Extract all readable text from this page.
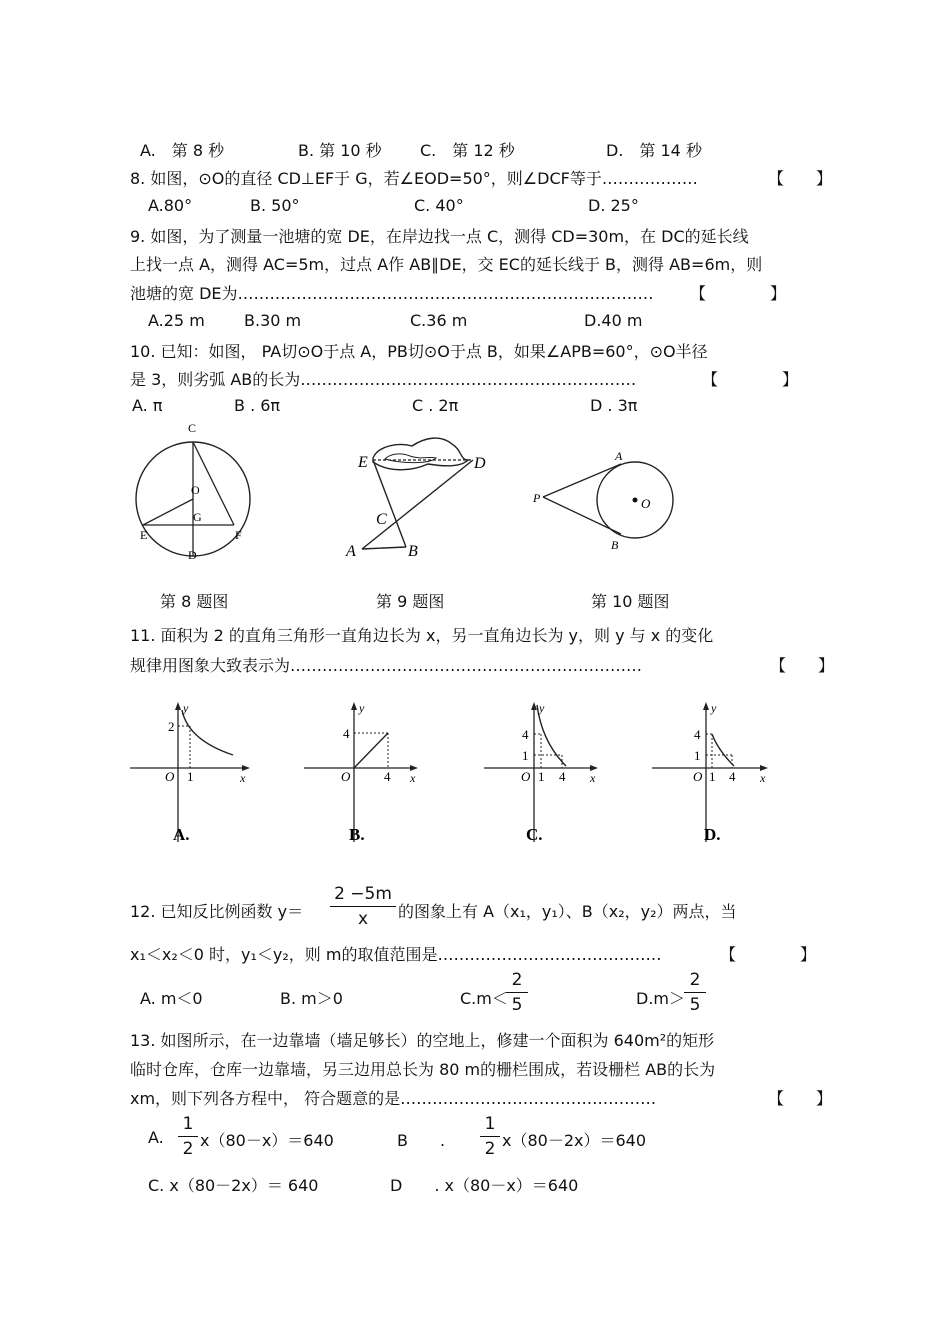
A.　第 8 秒	B. 第 10 秒 C.　第 12 秒	D.　第 14 秒
8. 如图，⊙O的直径 CD⊥EF于 G，若∠EOD=50°，则∠DCF等于………………	【　　】
A.80°	B. 50°	C. 40°	D. 25°
9. 如图，为了测量一池塘的宽 DE，在岸边找一点 C，测得 CD=30m，在 DC的延长线
上找一点 A，测得 AC=5m，过点 A作 AB∥DE，交 EC的延长线于 B，测得 AB=6m，则
池塘的宽 DE为…………………………………………………………………… 【　　　　】
A.25 m B.30 m	C.36 m	D.40 m
10. 已知：如图， PA切⊙O于点 A，PB切⊙O于点 B，如果∠APB=60°，⊙O半径
是 3，则劣弧 AB的长为………………………………………………………	【　　　　】
A. π	B . 6π	C . 2π	D . 3π
C
O
G
E	F
D
E	D
C
A	B
A
P	O
B
第 8 题图	第 9 题图	第 10 题图
11. 面积为 2 的直角三角形一直角边长为 x，另一直角边长为 y，则 y 与 x 的变化
规律用图象大致表示为…………………………………………………………	【　　】
y
x
O
2
1
A.
y
x
O
4
4
B.
y
x
O
4
1
1 4
C.
y
x
O
4
1
1 4
D.
12. 已知反比例函数 y＝
2 −5m
x	的图象上有 A（x₁，y₁）、B（x₂，y₂）两点，当
x₁＜x₂＜0 时，y₁＜y₂，则 m的取值范围是……………………………………	【　　　　】
A. m＜0	B. m＞0	C.m＜
2
5	D.m＞
2
5
13. 如图所示，在一边靠墙（墙足够长）的空地上，修建一个面积为 640m²的矩形
临时仓库，仓库一边靠墙，另三边用总长为 80 m的栅栏围成，若设栅栏 AB的长为
xm，则下列各方程中， 符合题意的是…………………………………………	【　　】
A.
1
2 x（80－x）＝640	B　　.
1
2 x（80－2x）＝640
C. x（80－2x）＝ 640	D　　. x（80－x）＝640
